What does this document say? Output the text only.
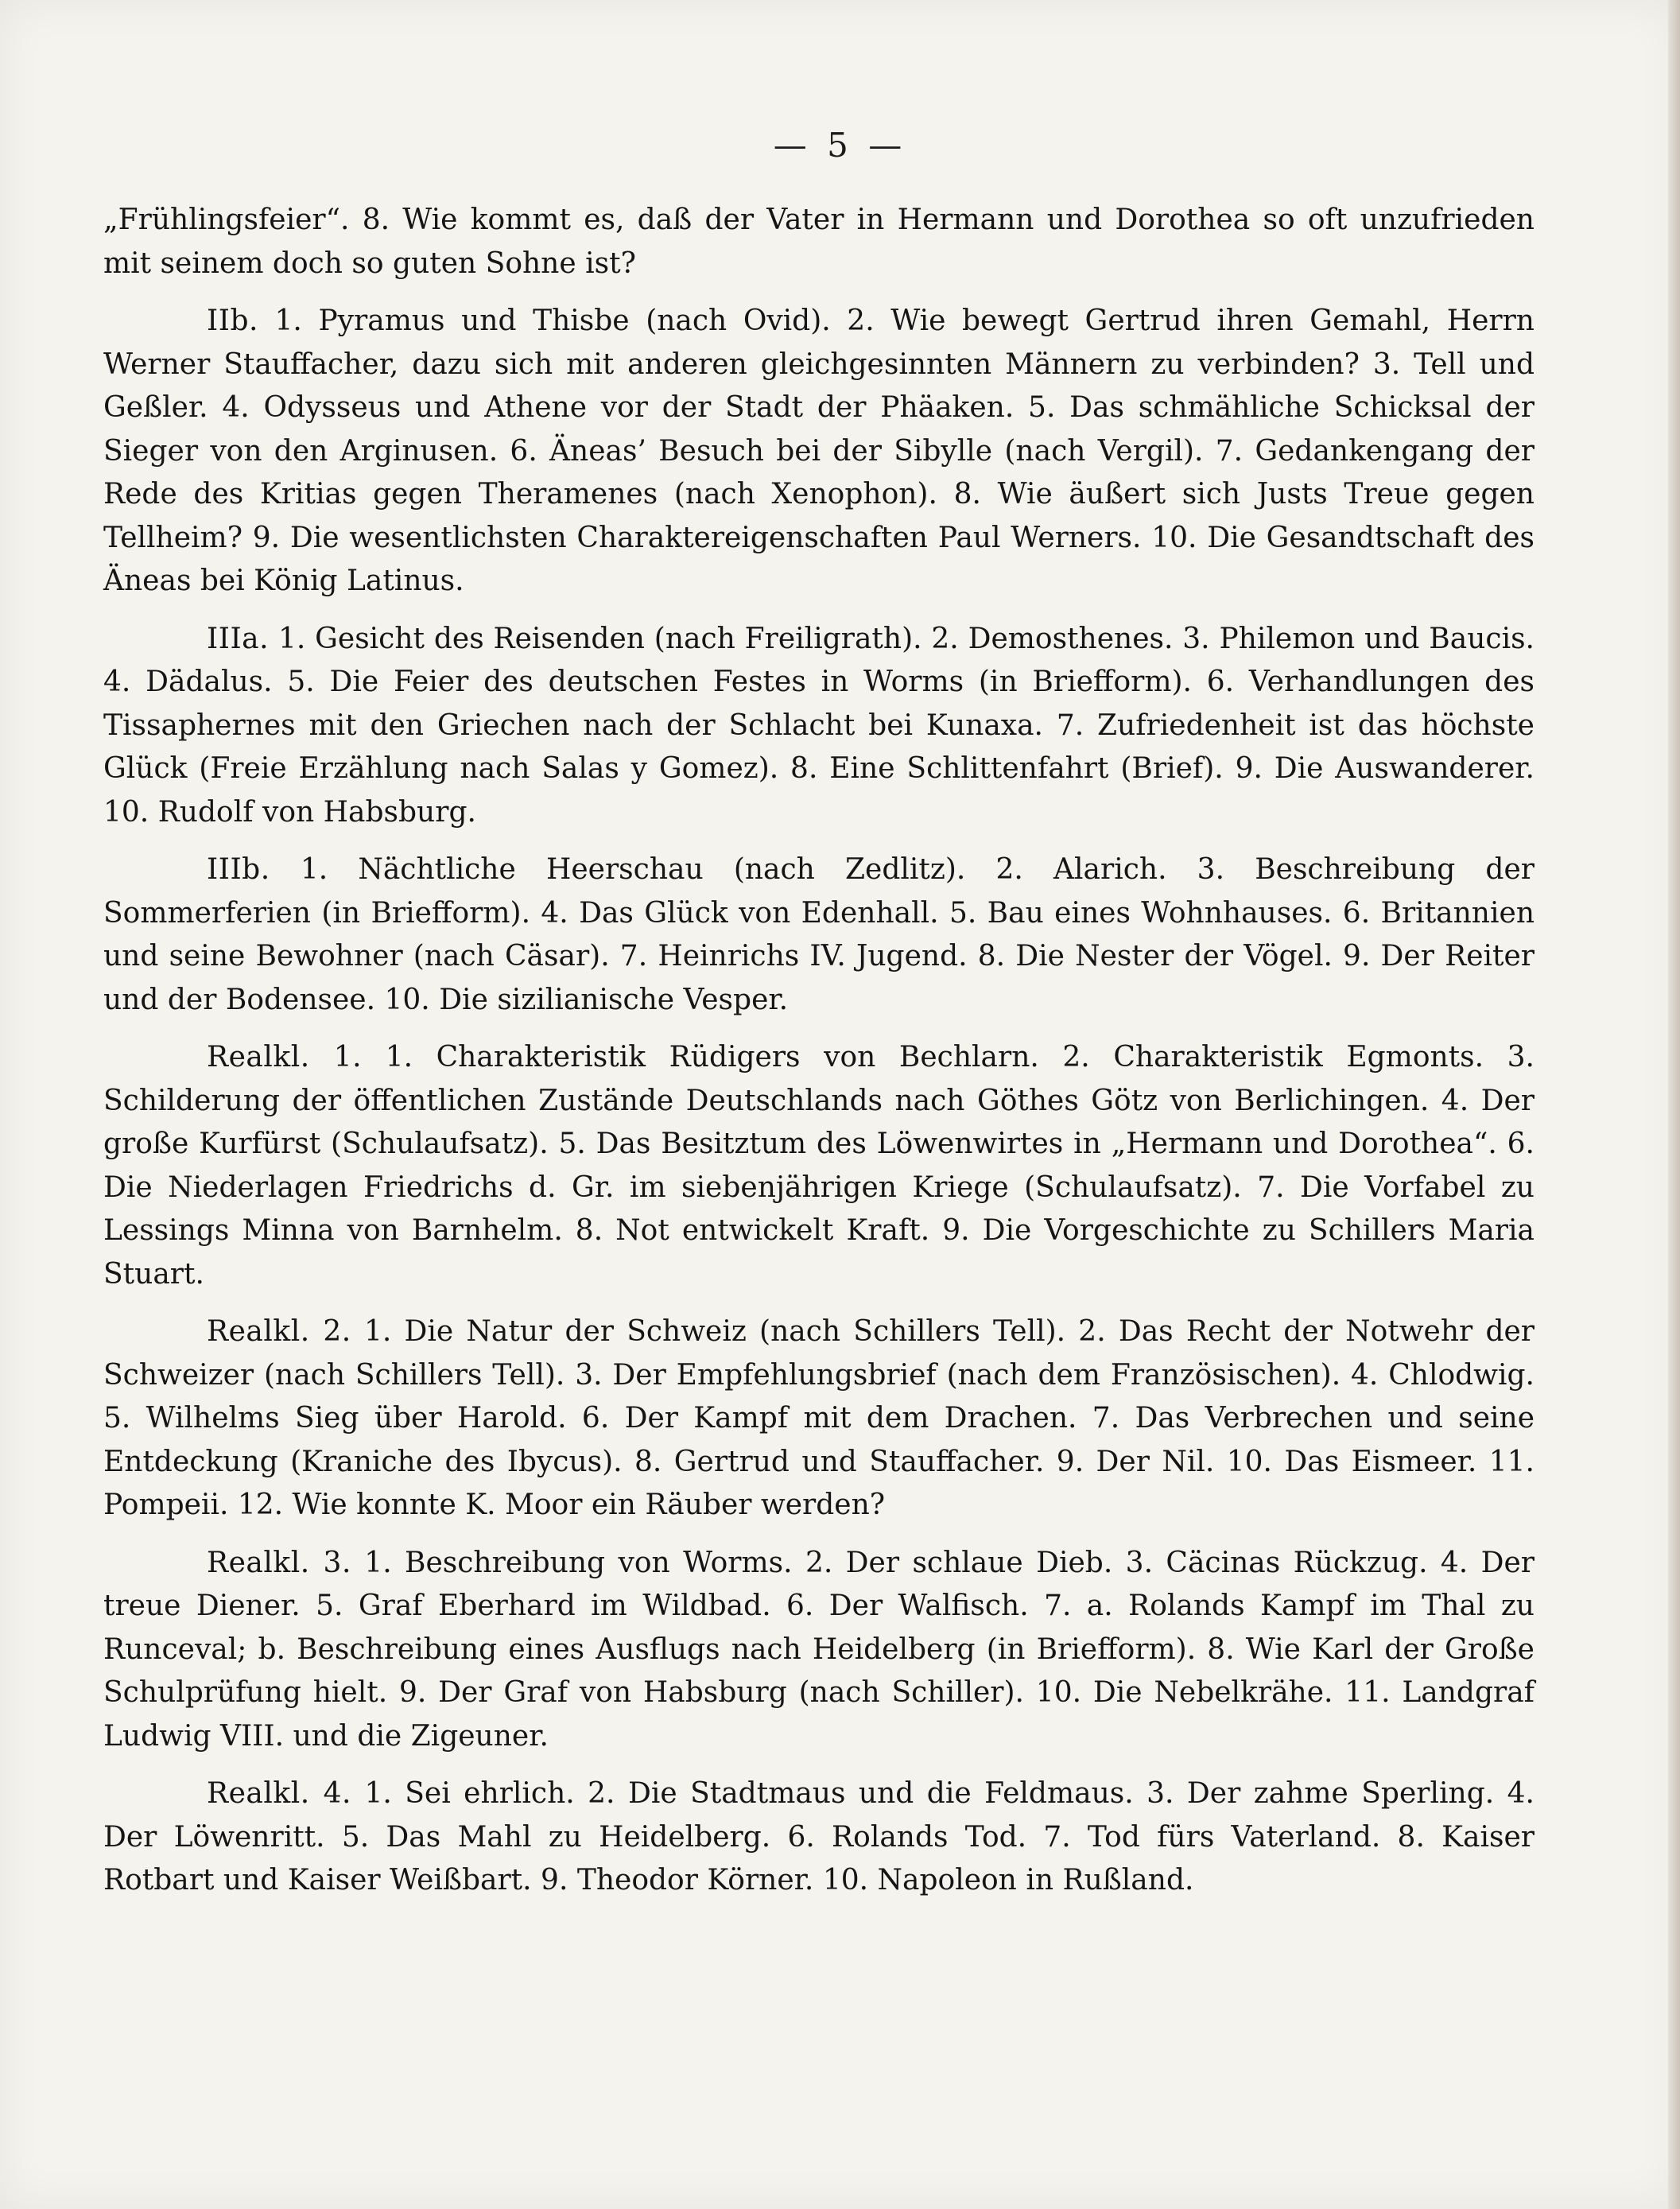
— 5 —

„Frühlingsfeier“. 8. Wie kommt es, daß der Vater in Hermann und Dorothea so oft unzufrieden mit seinem doch so guten Sohne ist?

IIb. 1. Pyramus und Thisbe (nach Ovid). 2. Wie bewegt Gertrud ihren Gemahl, Herrn Werner Stauffacher, dazu sich mit anderen gleichgesinnten Männern zu verbinden? 3. Tell und Geßler. 4. Odysseus und Athene vor der Stadt der Phäaken. 5. Das schmähliche Schicksal der Sieger von den Arginusen. 6. Äneas’ Besuch bei der Sibylle (nach Vergil). 7. Gedankengang der Rede des Kritias gegen Theramenes (nach Xenophon). 8. Wie äußert sich Justs Treue gegen Tellheim? 9. Die wesentlichsten Charaktereigenschaften Paul Werners. 10. Die Gesandtschaft des Äneas bei König Latinus.

IIIa. 1. Gesicht des Reisenden (nach Freiligrath). 2. Demosthenes. 3. Philemon und Baucis. 4. Dädalus. 5. Die Feier des deutschen Festes in Worms (in Briefform). 6. Verhandlungen des Tissaphernes mit den Griechen nach der Schlacht bei Kunaxa. 7. Zufriedenheit ist das höchste Glück (Freie Erzählung nach Salas y Gomez). 8. Eine Schlittenfahrt (Brief). 9. Die Auswanderer. 10. Rudolf von Habsburg.

IIIb. 1. Nächtliche Heerschau (nach Zedlitz). 2. Alarich. 3. Beschreibung der Sommerferien (in Briefform). 4. Das Glück von Edenhall. 5. Bau eines Wohnhauses. 6. Britannien und seine Bewohner (nach Cäsar). 7. Heinrichs IV. Jugend. 8. Die Nester der Vögel. 9. Der Reiter und der Bodensee. 10. Die sizilianische Vesper.

Realkl. 1. 1. Charakteristik Rüdigers von Bechlarn. 2. Charakteristik Egmonts. 3. Schilderung der öffentlichen Zustände Deutschlands nach Göthes Götz von Berlichingen. 4. Der große Kurfürst (Schulaufsatz). 5. Das Besitztum des Löwenwirtes in „Hermann und Dorothea“. 6. Die Niederlagen Friedrichs d. Gr. im siebenjährigen Kriege (Schulaufsatz). 7. Die Vorfabel zu Lessings Minna von Barnhelm. 8. Not entwickelt Kraft. 9. Die Vorgeschichte zu Schillers Maria Stuart.

Realkl. 2. 1. Die Natur der Schweiz (nach Schillers Tell). 2. Das Recht der Notwehr der Schweizer (nach Schillers Tell). 3. Der Empfehlungsbrief (nach dem Französischen). 4. Chlodwig. 5. Wilhelms Sieg über Harold. 6. Der Kampf mit dem Drachen. 7. Das Verbrechen und seine Entdeckung (Kraniche des Ibycus). 8. Gertrud und Stauffacher. 9. Der Nil. 10. Das Eismeer. 11. Pompeii. 12. Wie konnte K. Moor ein Räuber werden?

Realkl. 3. 1. Beschreibung von Worms. 2. Der schlaue Dieb. 3. Cäcinas Rückzug. 4. Der treue Diener. 5. Graf Eberhard im Wildbad. 6. Der Walfisch. 7. a. Rolands Kampf im Thal zu Runceval; b. Beschreibung eines Ausflugs nach Heidelberg (in Briefform). 8. Wie Karl der Große Schulprüfung hielt. 9. Der Graf von Habsburg (nach Schiller). 10. Die Nebelkrähe. 11. Landgraf Ludwig VIII. und die Zigeuner.

Realkl. 4. 1. Sei ehrlich. 2. Die Stadtmaus und die Feldmaus. 3. Der zahme Sperling. 4. Der Löwenritt. 5. Das Mahl zu Heidelberg. 6. Rolands Tod. 7. Tod fürs Vaterland. 8. Kaiser Rotbart und Kaiser Weißbart. 9. Theodor Körner. 10. Napoleon in Rußland.
